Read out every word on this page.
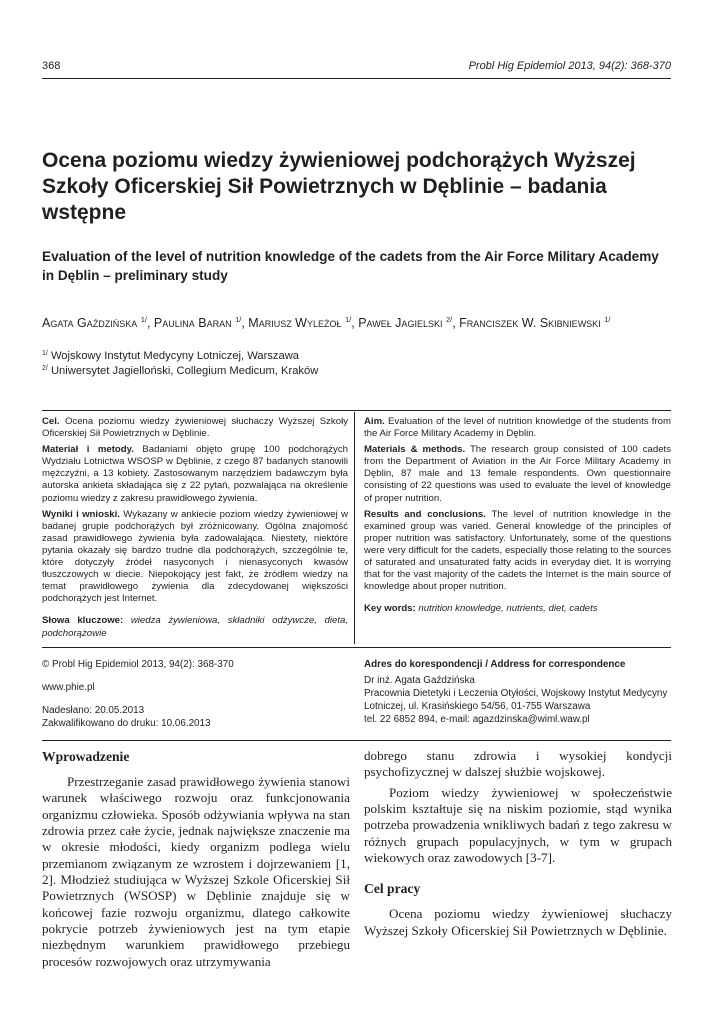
368	Probl Hig Epidemiol 2013, 94(2): 368-370
Ocena poziomu wiedzy żywieniowej podchorążych Wyższej Szkoły Oficerskiej Sił Powietrznych w Dęblinie – badania wstępne
Evaluation of the level of nutrition knowledge of the cadets from the Air Force Military Academy in Dęblin – preliminary study
Agata Gaździńska $^{1/}$, Paulina Baran $^{1/}$, Mariusz Wyleżoł $^{1/}$, Paweł Jagielski $^{2/}$, Franciszek W. Skibniewski $^{1/}$
$^{1/}$ Wojskowy Instytut Medycyny Lotniczej, Warszawa
$^{2/}$ Uniwersytet Jagielloński, Collegium Medicum, Kraków

Cel. Ocena poziomu wiedzy żywieniowej słuchaczy Wyższej Szkoły Oficerskiej Sił Powietrznych w Dęblinie.

Materiał i metody. Badaniami objęto grupę 100 podchorążych Wydziału Lotnictwa WSOSP w Dęblinie, z czego 87 badanych stanowili mężczyźni, a 13 kobiety. Zastosowanym narzędziem badawczym była autorska ankieta składająca się z 22 pytań, pozwalająca na określenie poziomu wiedzy z zakresu prawidłowego żywienia.

Wyniki i wnioski. Wykazany w ankiecie poziom wiedzy żywieniowej w badanej grupie podchorążych był zróżnicowany. Ogólna znajomość zasad prawidłowego żywienia była zadowalająca. Niestety, niektóre pytania okazały się bardzo trudne dla podchorążych, szczególnie te, które dotyczyły źródeł nasyconych i nienasyconych kwasów tłuszczowych w diecie. Niepokojący jest fakt, że źródłem wiedzy na temat prawidłowego żywienia dla zdecydowanej większości podchorążych jest Internet.

Słowa kluczowe: wiedza żywieniowa, składniki odżywcze, dieta, podchorążowie

Aim. Evaluation of the level of nutrition knowledge of the students from the Air Force Military Academy in Dęblin.

Materials & methods. The research group consisted of 100 cadets from the Department of Aviation in the Air Force Military Academy in Dęblin, 87 male and 13 female respondents. Own questionnaire consisting of 22 questions was used to evaluate the level of knowledge of proper nutrition.

Results and conclusions. The level of nutrition knowledge in the examined group was varied. General knowledge of the principles of proper nutrition was satisfactory. Unfortunately, some of the questions were very difficult for the cadets, especially those relating to the sources of saturated and unsaturated fatty acids in everyday diet. It is worrying that for the vast majority of the cadets the Internet is the main source of knowledge about proper nutrition.

Key words: nutrition knowledge, nutrients, diet, cadets

© Probl Hig Epidemiol 2013, 94(2): 368-370

www.phie.pl

Nadesłano: 20.05.2013

Zakwalifikowano do druku: 10.06.2013

Adres do korespondencji / Address for correspondence

Dr inż. Agata Gaździńska

Pracownia Dietetyki i Leczenia Otyłości, Wojskowy Instytut Medycyny

Lotniczej, ul. Krasińskiego 54/56, 01-755 Warszawa

tel. 22 6852 894, e-mail: agazdzinska@wiml.waw.pl

Wprowadzenie

Przestrzeganie zasad prawidłowego żywienia stanowi warunek właściwego rozwoju oraz funkcjonowania organizmu człowieka. Sposób odżywiania wpływa na stan zdrowia przez całe życie, jednak największe znaczenie ma w okresie młodości, kiedy organizm podlega wielu przemianom związanym ze wzrostem i dojrzewaniem [1, 2]. Młodzież studiująca w Wyższej Szkole Oficerskiej Sił Powietrznych (WSOSP) w Dęblinie znajduje się w końcowej fazie rozwoju organizmu, dlatego całkowite pokrycie potrzeb żywieniowych jest na tym etapie niezbędnym warunkiem prawidłowego przebiegu procesów rozwojowych oraz utrzymywania

dobrego stanu zdrowia i wysokiej kondycji psychofizycznej w dalszej służbie wojskowej.

Poziom wiedzy żywieniowej w społeczeństwie polskim kształtuje się na niskim poziomie, stąd wynika potrzeba prowadzenia wnikliwych badań z tego zakresu w różnych grupach populacyjnych, w tym w grupach wiekowych oraz zawodowych [3-7].

Cel pracy

Ocena poziomu wiedzy żywieniowej słuchaczy Wyższej Szkoły Oficerskiej Sił Powietrznych w Dęblinie.
